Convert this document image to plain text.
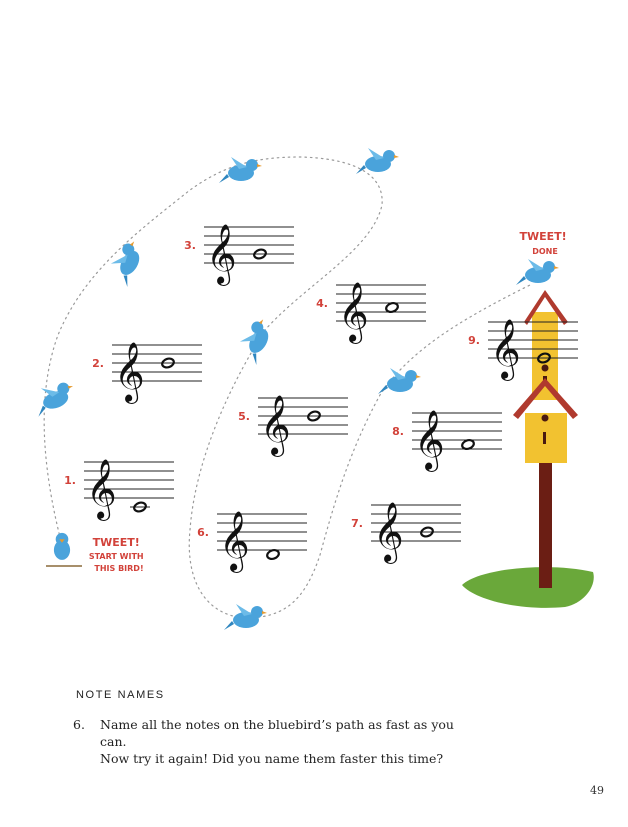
TWEET! DONE
TWEET! START WITH THIS BIRD!
1. 𝄞
2. 𝄞
3. 𝄞
4. 𝄞
5. 𝄞
6. 𝄞	7. 𝄞
8. 𝄞
9. 𝄞
NOTE NAMES
6. Name all the notes on the bluebird’s path as fast as you can.
Now try it again! Did you name them faster this time?
49
